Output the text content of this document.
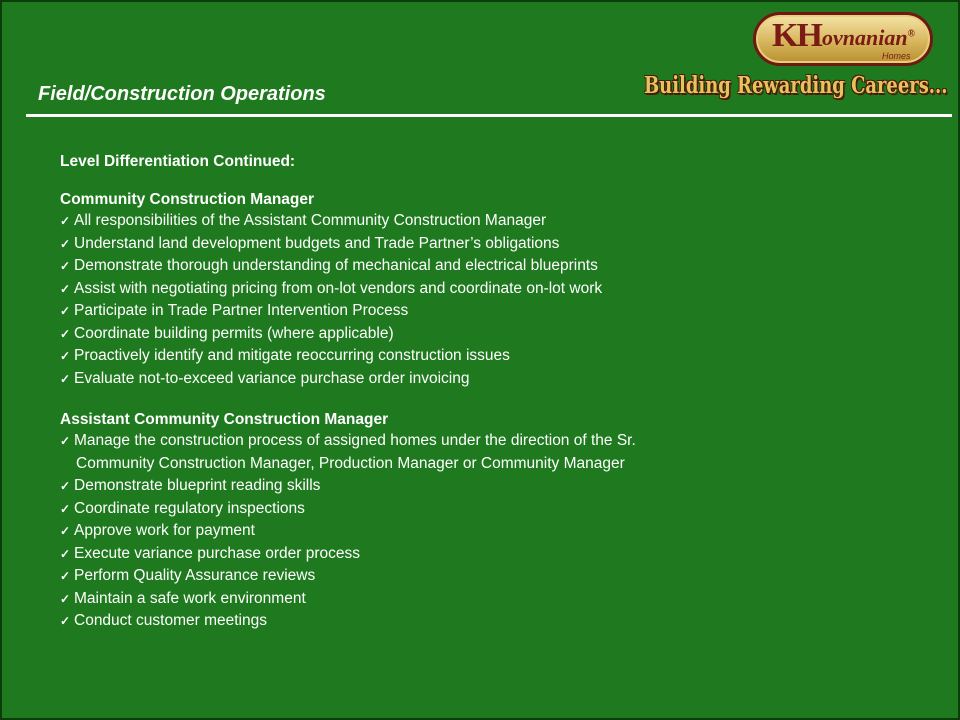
KH ovnanian®
Homes
Building Rewarding Careers...
Field/Construction Operations
Level Differentiation Continued:
Community Construction Manager
✓ All responsibilities of the Assistant Community Construction Manager
✓ Understand land development budgets and Trade Partner’s obligations
✓ Demonstrate thorough understanding of mechanical and electrical blueprints
✓ Assist with negotiating pricing from on-lot vendors and coordinate on-lot work
✓ Participate in Trade Partner Intervention Process
✓ Coordinate building permits (where applicable)
✓ Proactively identify and mitigate reoccurring construction issues
✓ Evaluate not-to-exceed variance purchase order invoicing
Assistant Community Construction Manager
✓ Manage the construction process of assigned homes under the direction of the Sr.
Community Construction Manager, Production Manager or Community Manager
✓ Demonstrate blueprint reading skills
✓ Coordinate regulatory inspections
✓ Approve work for payment
✓ Execute variance purchase order process
✓ Perform Quality Assurance reviews
✓ Maintain a safe work environment
✓ Conduct customer meetings
